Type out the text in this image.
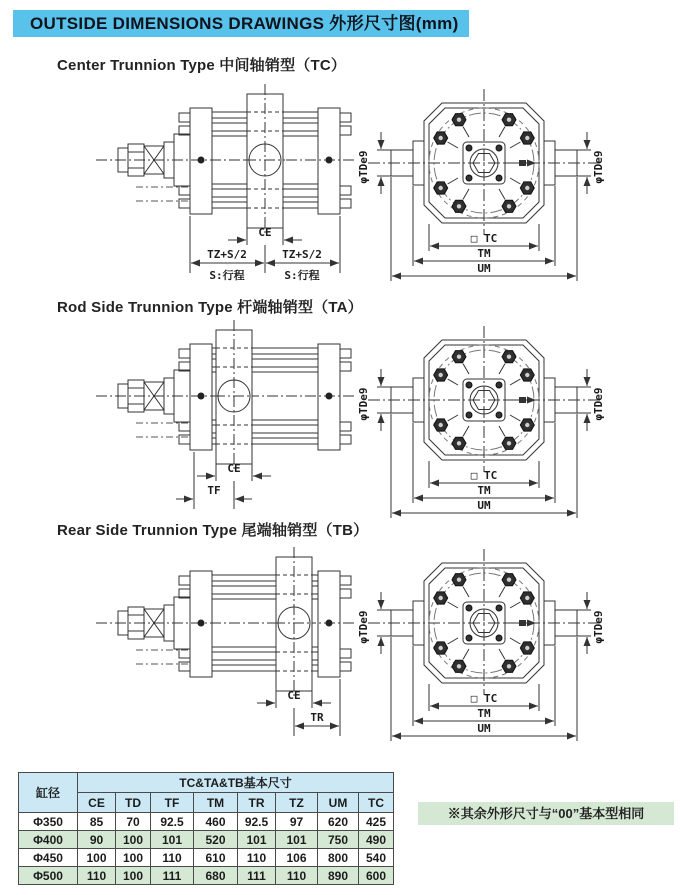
OUTSIDE DIMENSIONS DRAWINGS 外形尺寸图(mm)
Center Trunnion Type 中间轴销型（TC）
Rod Side Trunnion Type 杆端轴销型（TA）
Rear Side Trunnion Type 尾端轴销型（TB）
CE
TZ+S/2	TZ+S/2
S:行程	S:行程
CE
TF
CE
TR
缸径	TC&TA&TB基本尺寸							
	CE	TD	TF	TM	TR	TZ	UM	TC
Φ350	85	70	92.5	460	92.5	97	620	425
Φ400	90	100	101	520	101	101	750	490
Φ450	100	100	110	610	110	106	800	540
Φ500	110	100	111	680	111	110	890	600
※其余外形尺寸与“00”基本型相同
